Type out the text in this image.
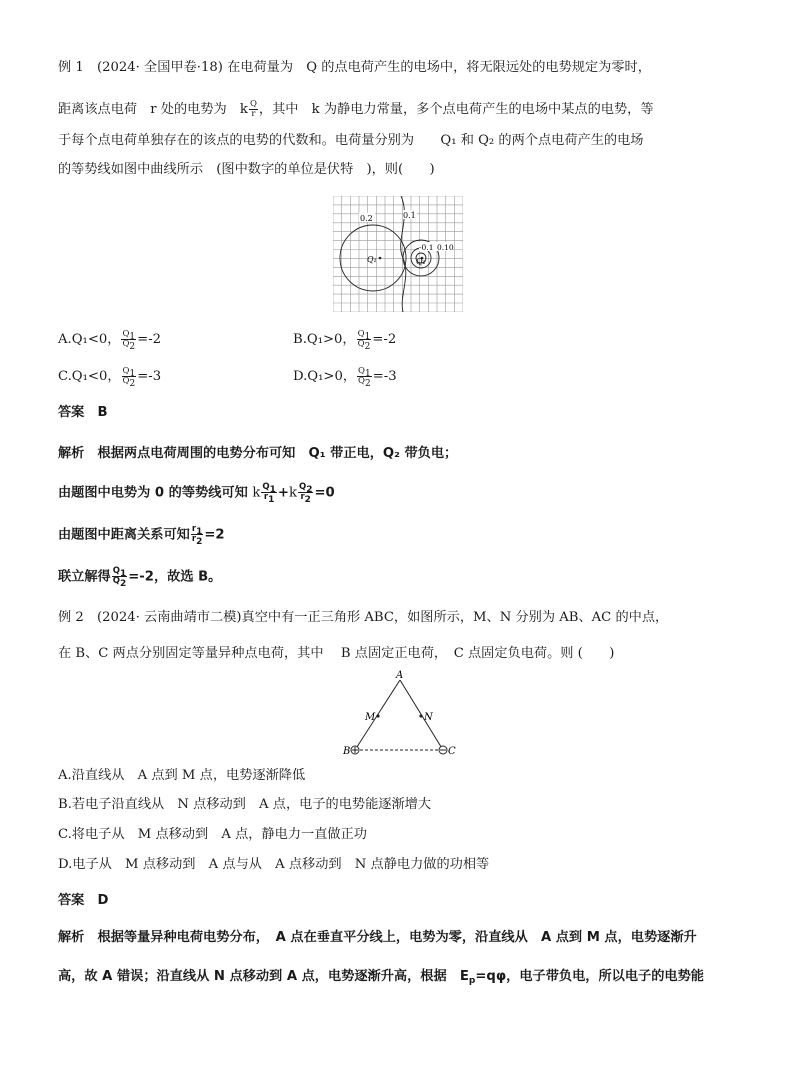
例 1　(2024· 全国甲卷·18) 在电荷量为　Q 的点电荷产生的电场中，将无限远处的电势规定为零时，
距离该点电荷　r 处的电势为　k $\frac{Q}{r}$ ，其中　k 为静电力常量，多个点电荷产生的电场中某点的电势，等
于每个点电荷单独存在的该点的电势的代数和。电荷量分别为　　Q₁ 和 Q₂ 的两个点电荷产生的电场
的等势线如图中曲线所示　(图中数字的单位是伏特　)，则(　　)
0.2	0.1
-0.1 0.10
Q₁	Q₂
A.Q₁<0， $\frac{Q_1}{Q_2} =-2$	B.Q₁>0， $\frac{Q_1}{Q_2} =-2$
C.Q₁<0， $\frac{Q_1}{Q_2} =-3$	D.Q₁>0， $\frac{Q_1}{Q_2} =-3$
答案　B
解析　根据两点电荷周围的电势分布可知　Q₁ 带正电，Q₂ 带负电；
由题图中电势为 0 的等势线可知 k $\frac{Q_1}{r_1} +k \frac{Q_2}{r_2} =0$
由题图中距离关系可知 $\frac{r_1}{r_2} =2$
联立解得 $\frac{Q_1}{Q_2} =-2$，故选 B。
例 2　(2024· 云南曲靖市二模)真空中有一正三角形 ABC，如图所示，M、N 分别为 AB、AC 的中点，
在 B、C 两点分别固定等量异种点电荷，其中　 B 点固定正电荷，　C 点固定负电荷。则 (　　)
A
M	N
B	C
A.沿直线从　A 点到 M 点，电势逐渐降低
B.若电子沿直线从　N 点移动到　A 点，电子的电势能逐渐增大
C.将电子从　M 点移动到　A 点，静电力一直做正功
D.电子从　M 点移动到　A 点与从　A 点移动到　N 点静电力做的功相等
答案　D
解析　根据等量异种电荷电势分布，　A 点在垂直平分线上，电势为零，沿直线从　A 点到 M 点，电势逐渐升
高，故 A 错误；沿直线从 N 点移动到 A 点，电势逐渐升高，根据　$E_p=q\varphi$，电子带负电，所以电子的电势能
